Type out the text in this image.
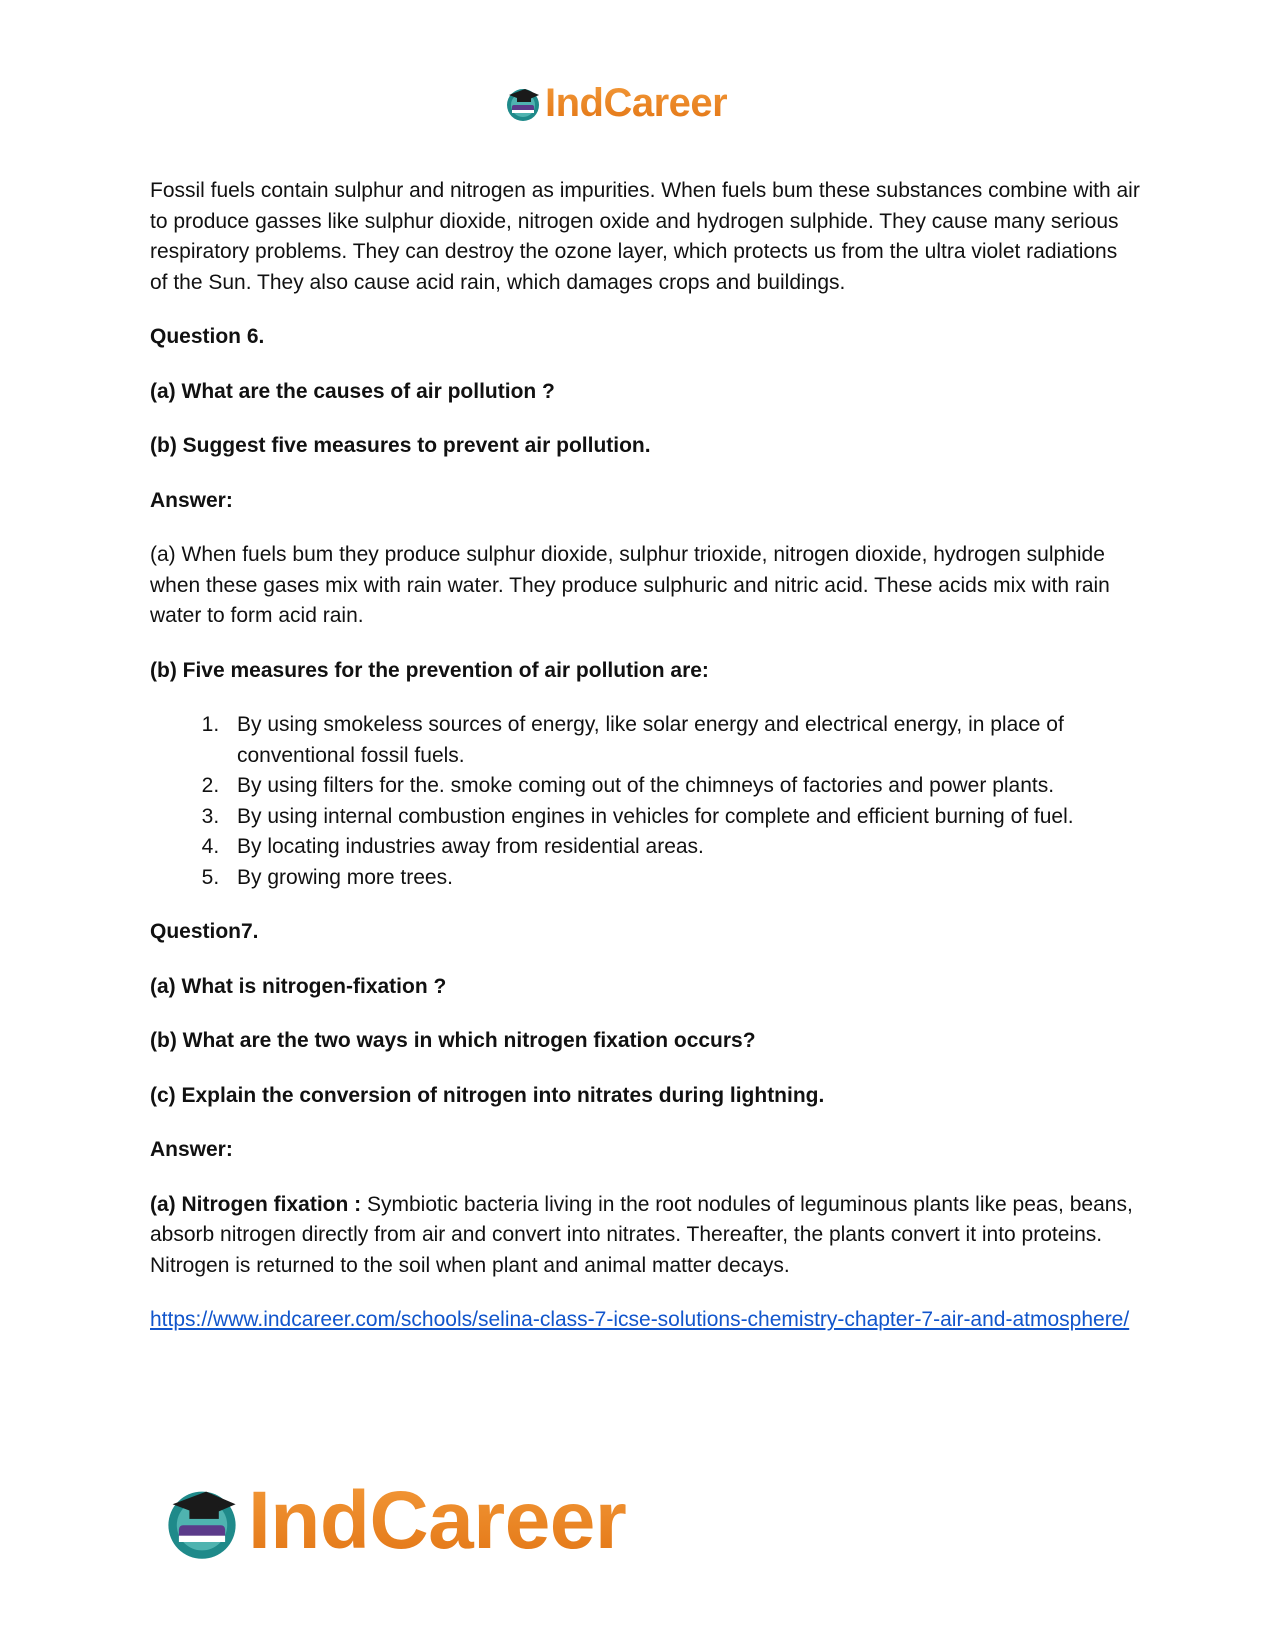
IndCareer

Fossil fuels contain sulphur and nitrogen as impurities. When fuels bum these substances combine with air to produce gasses like sulphur dioxide, nitrogen oxide and hydrogen sulphide. They cause many serious respiratory problems. They can destroy the ozone layer, which protects us from the ultra violet radiations of the Sun. They also cause acid rain, which damages crops and buildings.

Question 6.

(a) What are the causes of air pollution ?

(b) Suggest five measures to prevent air pollution.

Answer:

(a) When fuels bum they produce sulphur dioxide, sulphur trioxide, nitrogen dioxide, hydrogen sulphide when these gases mix with rain water. They produce sulphuric and nitric acid. These acids mix with rain water to form acid rain.

(b) Five measures for the prevention of air pollution are:

1. By using smokeless sources of energy, like solar energy and electrical energy, in place of conventional fossil fuels.
2. By using filters for the. smoke coming out of the chimneys of factories and power plants.
3. By using internal combustion engines in vehicles for complete and efficient burning of fuel.
4. By locating industries away from residential areas.
5. By growing more trees.

Question7.

(a) What is nitrogen-fixation ?

(b) What are the two ways in which nitrogen fixation occurs?

(c) Explain the conversion of nitrogen into nitrates during lightning.

Answer:

(a) Nitrogen fixation : Symbiotic bacteria living in the root nodules of leguminous plants like peas, beans, absorb nitrogen directly from air and convert into nitrates. Thereafter, the plants convert it into proteins. Nitrogen is returned to the soil when plant and animal matter decays.

https://www.indcareer.com/schools/selina-class-7-icse-solutions-chemistry-chapter-7-air-and-atmosphere/
IndCareer
